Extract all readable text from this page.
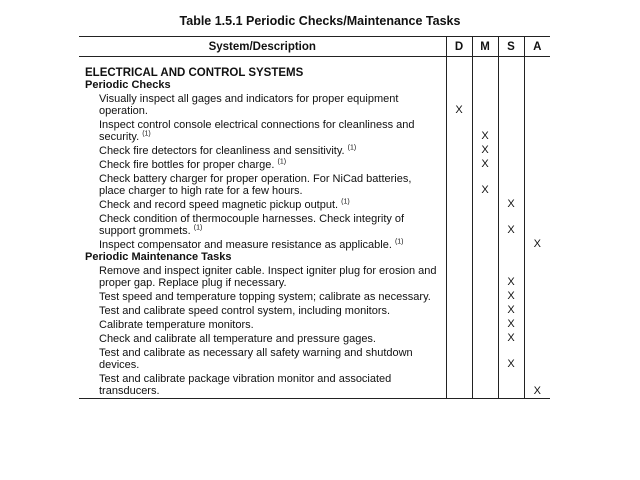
Table 1.5.1 Periodic Checks/Maintenance Tasks
System/Description	D	M	S	A
ELECTRICAL AND CONTROL SYSTEMS				
Periodic Checks				
Visually inspect all gages and indicators for proper equipment operation.	X			
Inspect control console electrical connections for cleanliness and security. $^{(1)}$		X		
Check fire detectors for cleanliness and sensitivity. $^{(1)}$		X		
Check fire bottles for proper charge. $^{(1)}$		X		
Check battery charger for proper operation. For NiCad batteries, place charger to high rate for a few hours.		X		
Check and record speed magnetic pickup output. $^{(1)}$			X	
Check condition of thermocouple harnesses. Check integrity of support grommets. $^{(1)}$			X	
Inspect compensator and measure resistance as applicable. $^{(1)}$				X
Periodic Maintenance Tasks				
Remove and inspect igniter cable. Inspect igniter plug for erosion and proper gap. Replace plug if necessary.			X	
Test speed and temperature topping system; calibrate as necessary.			X	
Test and calibrate speed control system, including monitors.			X	
Calibrate temperature monitors.			X	
Check and calibrate all temperature and pressure gages.			X	
Test and calibrate as necessary all safety warning and shutdown devices.			X	
Test and calibrate package vibration monitor and associated transducers.				X
